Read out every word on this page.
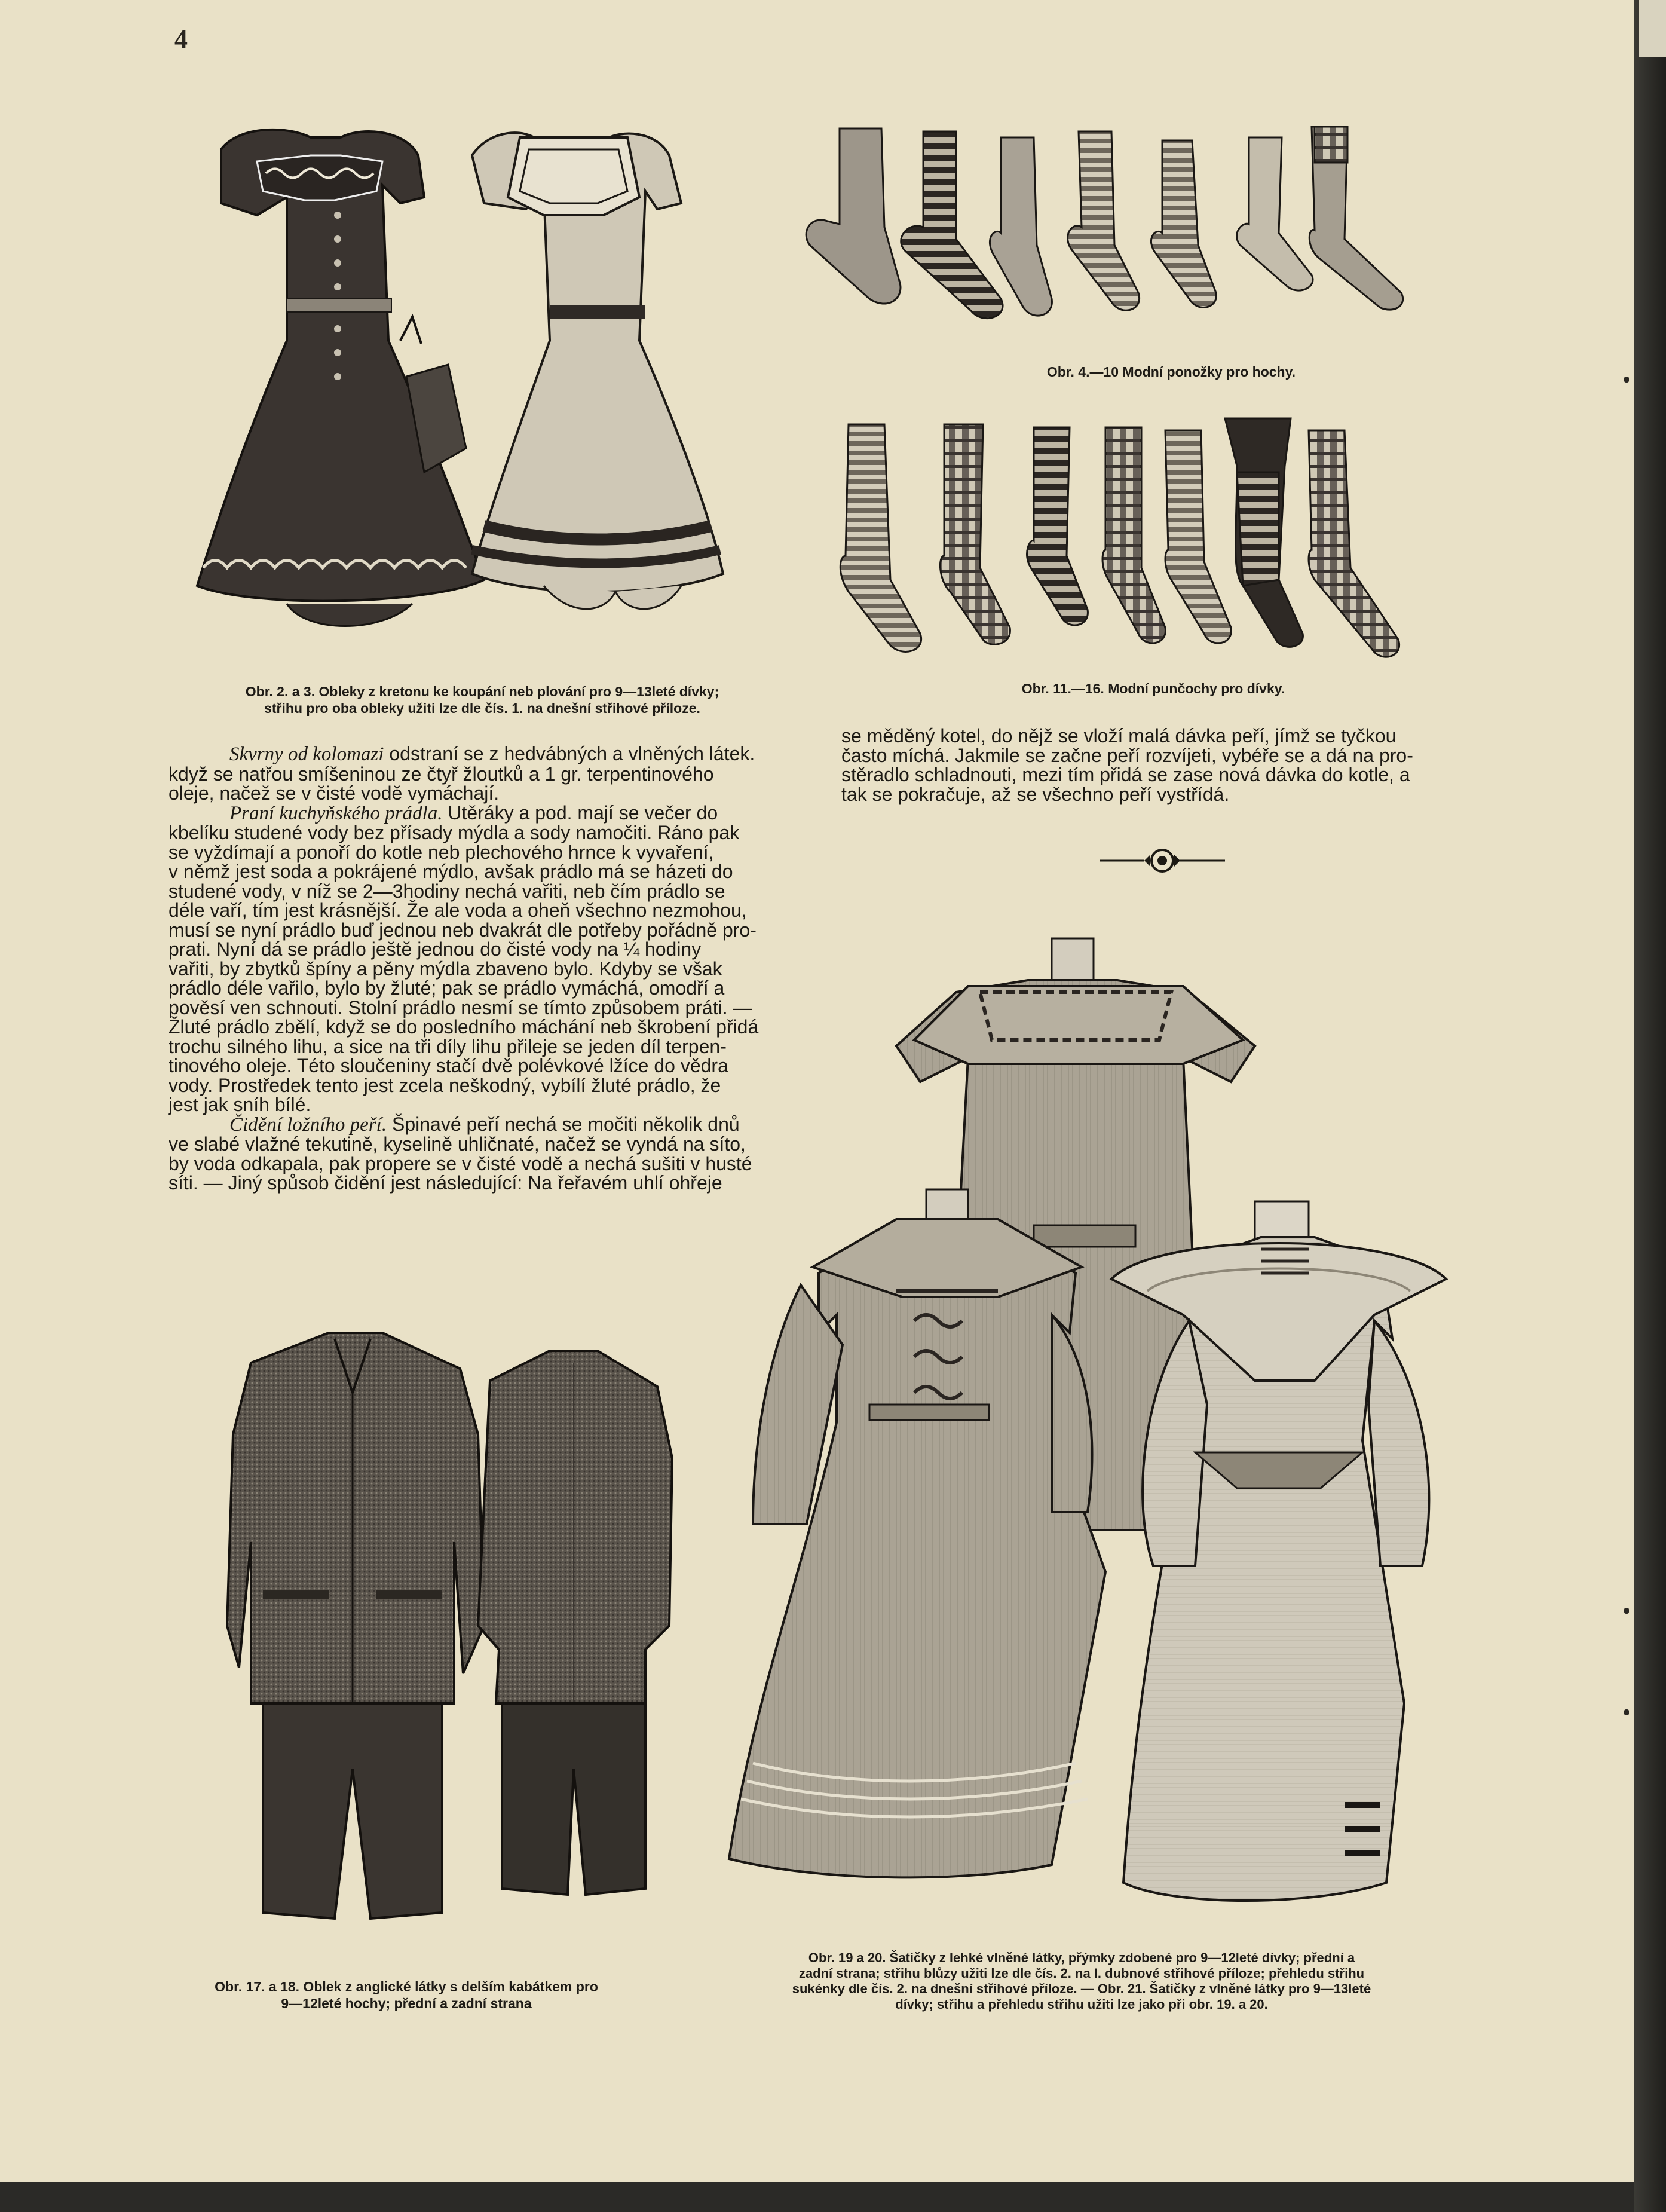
4
Obr. 2. a 3. Obleky z kretonu ke koupání neb plování pro 9—13leté dívky;
střihu pro oba obleky užiti lze dle čís. 1. na dnešní střihové příloze.
Obr. 4.—10 Modní ponožky pro hochy.
Obr. 11.—16. Modní punčochy pro dívky.
Skvrny od kolomazi odstraní se z hedvábných a vlněných látek.
když se natřou smíšeninou ze čtyř žloutků a 1 gr. terpentinového
oleje, načež se v čisté vodě vymáchají.
Praní kuchyňského prádla. Utěráky a pod. mají se večer do
kbelíku studené vody bez přísady mýdla a sody namočiti. Ráno pak
se vyždímají a ponoří do kotle neb plechového hrnce k vyvaření,
v němž jest soda a pokrájené mýdlo, avšak prádlo má se házeti do
studené vody, v níž se 2—3hodiny nechá vařiti, neb čím prádlo se
déle vaří, tím jest krásnější. Že ale voda a oheň všechno nezmohou,
musí se nyní prádlo buď jednou neb dvakrát dle potřeby pořádně pro-
prati. Nyní dá se prádlo ještě jednou do čisté vody na ¼ hodiny
vařiti, by zbytků špíny a pěny mýdla zbaveno bylo. Kdyby se však
prádlo déle vařilo, bylo by žluté; pak se prádlo vymáchá, omodří a
pověsí ven schnouti. Stolní prádlo nesmí se tímto způsobem práti. —
Žluté prádlo zbělí, když se do posledního máchání neb škrobení přidá
trochu silného lihu, a sice na tři díly lihu přileje se jeden díl terpen-
tinového oleje. Této sloučeniny stačí dvě polévkové lžíce do vědra
vody. Prostředek tento jest zcela neškodný, vybílí žluté prádlo, že
jest jak sníh bílé.
Čidění ložního peří. Špinavé peří nechá se močiti několik dnů
ve slabé vlažné tekutině, kyselině uhličnaté, načež se vyndá na síto,
by voda odkapala, pak propere se v čisté vodě a nechá sušiti v husté
síti. — Jiný spůsob čidění jest následující: Na řeřavém uhlí ohřeje
se měděný kotel, do nějž se vloží malá dávka peří, jímž se tyčkou
často míchá. Jakmile se začne peří rozvíjeti, vybéře se a dá na pro-
stěradlo schladnouti, mezi tím přidá se zase nová dávka do kotle, a
tak se pokračuje, až se všechno peří vystřídá.
Obr. 17. a 18. Oblek z anglické látky s delším kabátkem pro
9—12leté hochy; přední a zadní strana
Obr. 19 a 20. Šatičky z lehké vlněné látky, přýmky zdobené pro 9—12leté dívky; přední a
zadní strana; střihu blůzy užiti lze dle čís. 2. na I. dubnové střihové příloze; přehledu střihu
sukénky dle čís. 2. na dnešní střihové příloze. — Obr. 21. Šatičky z vlněné látky pro 9—13leté
dívky; střihu a přehledu střihu užiti lze jako při obr. 19. a 20.
